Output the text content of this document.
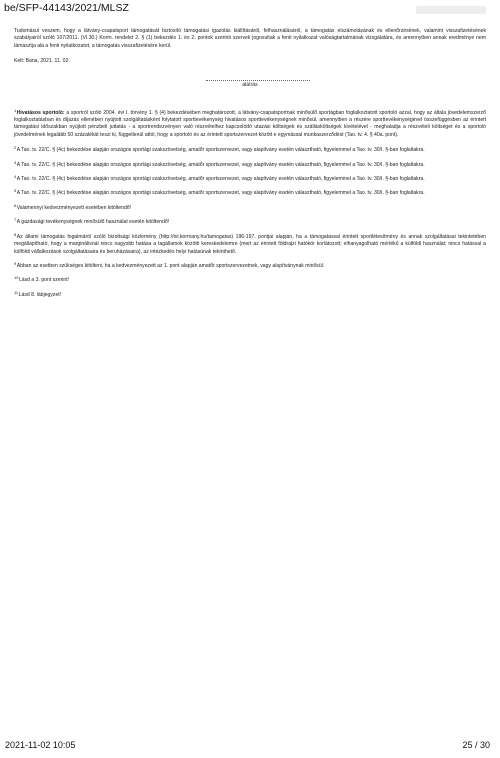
be/SFP-44143/2021/MLSZ

Tudomásul veszem, hogy a látvány-csapatsport támogatását biztosító támogatási igazolás kiállításáról, felhasználásáról, a támogatás elszámolásának és ellenőrzésének, valamint visszafizetésének szabályairól szóló 107/2011. (VI.30.) Korm. rendelet 2. § (1) bekezdés 1. és 2. pontok szerinti szervek jogosultak a fenti nyilatkozat valóságtartalmának vizsgálatára, és amennyiben annak eredménye nem támasztja alá a fenti nyilatkozatot, a támogatás visszafizetésére kerül.

Kelt: Bana, 2021. 11. 02.

aláírás

$^1$Hivatásos sportoló: a sportról szóló 2004. évi I. törvény 1. § (4) bekezdésében meghatározott, a látvány-csapatsportnak minősülő sportágban foglalkoztatott sportoló azzal, hogy az általa jövedelemszerző foglalkoztatásban és díjazás ellenében nyújtott szolgáltatásként folytatott sporttevékenység hivatásos sporttevékenységnek minősül, amennyiben a részére sporttevékenységével összefüggésben az érintett támogatási időszakban nyújtott pénzbeli juttatás - a sportrendezvényen való részvételhez kapcsolódó utazási költségek és szállásköltségek kivételével - meghaladja a részvételi költséget és a sportoló jövedelmének legalább 50 százalékát teszi ki, függetlenül attól, hogy a sportoló és az érintett sportszervezet között e egymással munkaszerződést (Tao. tv. 4. § 40a. pont).

$^2$A Tao. tv. 22/C. § (4c) bekezdése alapján országos sportági szakszövetség, amatőr sportszervezet, vagy alapítvány esetén választható, figyelemmel a Tao. tv. 30/I. §-ban foglaltakra.

$^3$A Tao. tv. 22/C. § (4c) bekezdése alapján országos sportági szakszövetség, amatőr sportszervezet, vagy alapítvány esetén választható, figyelemmel a Tao. tv. 30/I. §-ban foglaltakra.

$^4$A Tao. tv. 22/C. § (4c) bekezdése alapján országos sportági szakszövetség, amatőr sportszervezet, vagy alapítvány esetén választható, figyelemmel a Tao. tv. 30/I. §-ban foglaltakra.

$^5$A Tao. tv. 22/C. § (4c) bekezdése alapján országos sportági szakszövetség, amatőr sportszervezet, vagy alapítvány esetén választható, figyelemmel a Tao. tv. 30/I. §-ban foglaltakra.

$^6$Valamennyi kedvezményezett esetében kitöltendő!

$^7$A gazdasági tevékenységnek minősülő használat esetén kitöltendő!

$^8$Az állami támogatás fogalmáról szóló bizottsági közlemény (http://tvi.kormany.hu/tamogatas) 196-197. pontjai alapján, ha a támogatással érintett sportlétesítmény és annak szolgáltatásai tekintetében megállapítható, hogy a marginálisnál nincs nagyobb hatása a tagállamok közötti kereskedelemre (mert az érintett földrajzi hatókör korlátozott; elhanyagolható mértékű a külföldi használat; nincs hatással a külföldi vállalkozások szolgáltatásaira és beruházásaira), az intézkedés helyi hatásúnak tekinthető.

$^9$Abban az esetben szükséges kitölteni, ha a kedvezményezett az 1. pont alapján amatőr sportszervezetnek, vagy alapítványnak minősül.

$^{10}$Lásd a 3. pont szerint!

$^{11}$Lásd 8. lábjegyzet!

2021-11-02 10:05	25 / 30
